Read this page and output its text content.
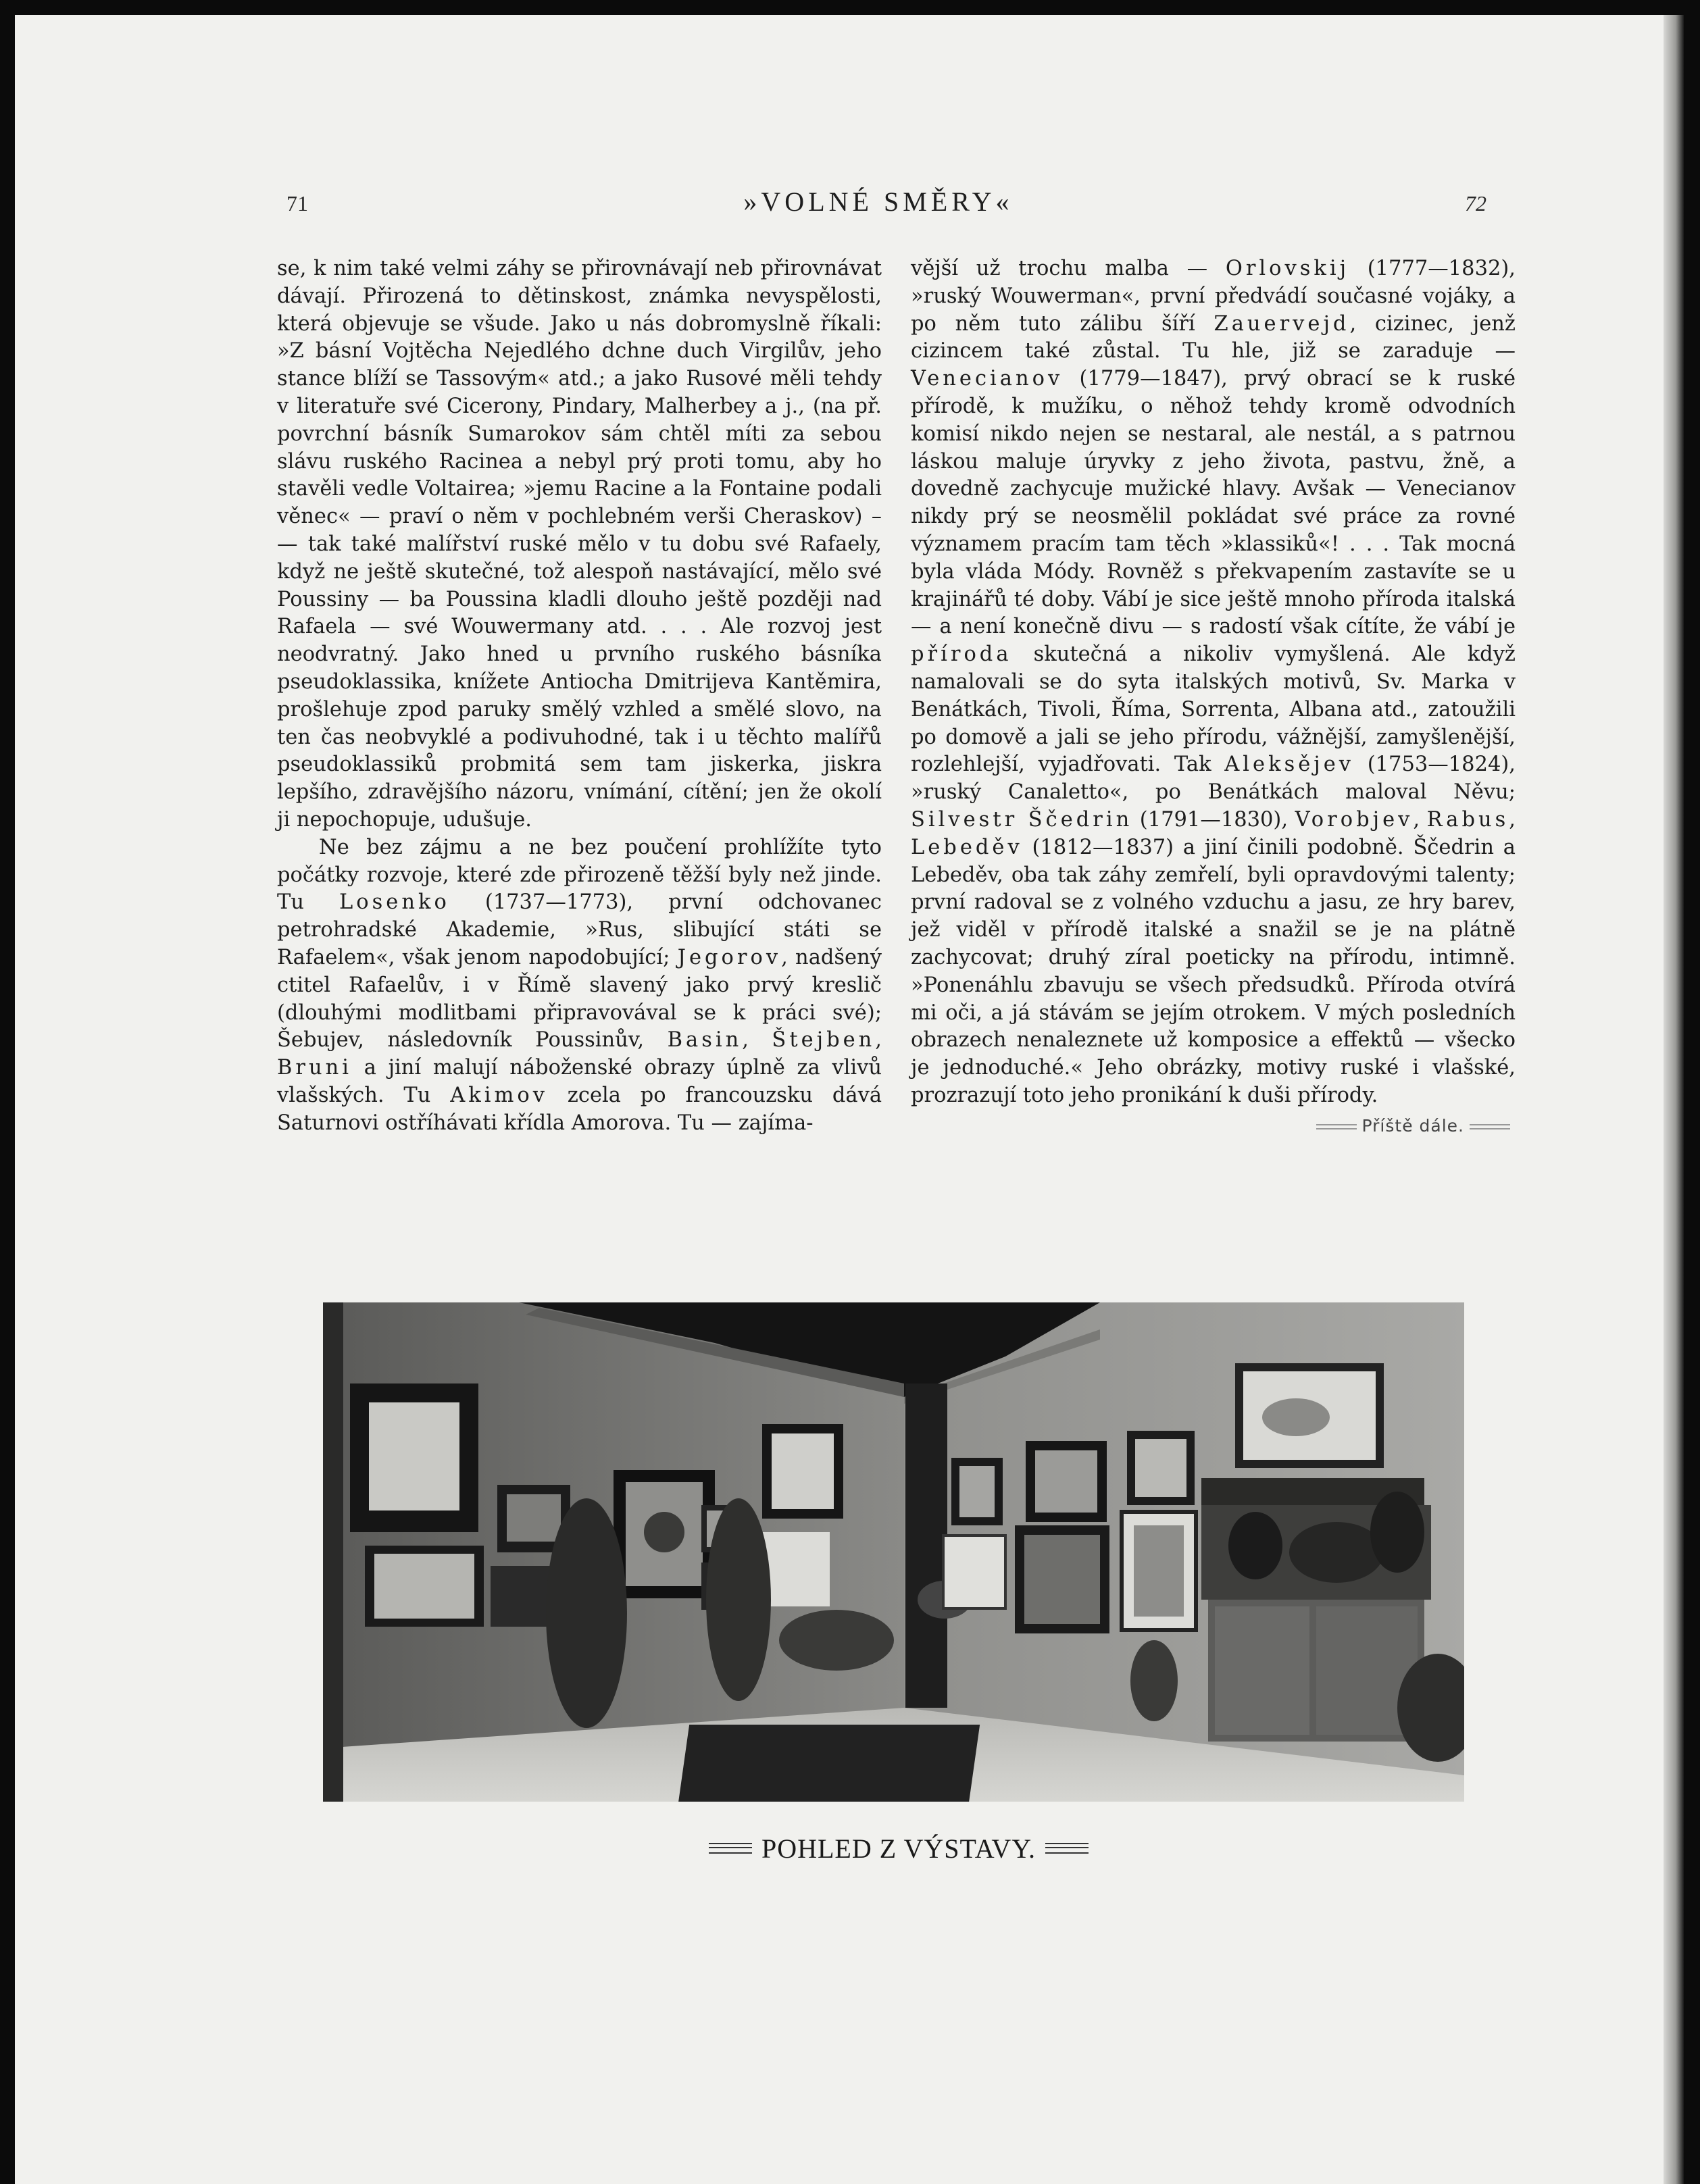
71	»VOLNÉ SMĚRY«	72

se, k nim také velmi záhy se přirovnávají neb přirovnávat dávají. Přirozená to dětinskost, známka nevyspělosti, která objevuje se všude. Jako u nás dobromyslně říkali: »Z básní Vojtěcha Nejedlého dchne duch Virgilův, jeho stance blíží se Tassovým« atd.; a jako Rusové měli tehdy v literatuře své Cicerony, Pindary, Malherbey a j., (na př. povrchní básník Sumarokov sám chtěl míti za sebou slávu ruského Racinea a nebyl prý proti tomu, aby ho stavěli vedle Voltairea; »jemu Racine a la Fontaine podali věnec« — praví o něm v pochlebném verši Cheraskov) – — tak také malířství ruské mělo v tu dobu své Rafaely, když ne ještě skutečné, tož alespoň nastávající, mělo své Poussiny — ba Poussina kladli dlouho ještě později nad Rafaela — své Wouwermany atd. . . . Ale rozvoj jest neodvratný. Jako hned u prvního ruského básníka pseudoklassika, knížete Antiocha Dmitrijeva Kantěmira, prošlehuje zpod paruky smělý vzhled a smělé slovo, na ten čas neobvyklé a podivuhodné, tak i u těchto malířů pseudoklassiků probmitá sem tam jiskerka, jiskra lepšího, zdravějšího názoru, vnímání, cítění; jen že okolí ji nepochopuje, udušuje.

Ne bez zájmu a ne bez poučení prohlížíte tyto počátky rozvoje, které zde přirozeně těžší byly než jinde. Tu Losenko (1737—1773), první odchovanec petrohradské Akademie, »Rus, slibující státi se Rafaelem«, však jenom napodobující; Jegorov, nadšený ctitel Rafaelův, i v Římě slavený jako prvý kreslič (dlouhými modlitbami připravovával se k práci své); Šebujev, následovník Poussinův, Basin, Štejben, Bruni a jiní malují náboženské obrazy úplně za vlivů vlašských. Tu Akimov zcela po francouzsku dává Saturnovi ostříhávati křídla Amorova. Tu — zajíma-

vější už trochu malba — Orlovskij (1777—1832), »ruský Wouwerman«, první předvádí současné vojáky, a po něm tuto zálibu šíří Zauervejd, cizinec, jenž cizincem také zůstal. Tu hle, již se zaraduje — Venecianov (1779—1847), prvý obrací se k ruské přírodě, k mužíku, o něhož tehdy kromě odvodních komisí nikdo nejen se nestaral, ale nestál, a s patrnou láskou maluje úryvky z jeho života, pastvu, žně, a dovedně zachycuje mužické hlavy. Avšak — Venecianov nikdy prý se neosmělil pokládat své práce za rovné významem pracím tam těch »klassiků«! . . . Tak mocná byla vláda Módy. Rovněž s překvapením zastavíte se u krajinářů té doby. Vábí je sice ještě mnoho příroda italská — a není konečně divu — s radostí však cítíte, že vábí je příroda skutečná a nikoliv vymyšlená. Ale když namalovali se do syta italských motivů, Sv. Marka v Benátkách, Tivoli, Říma, Sorrenta, Albana atd., zatoužili po domově a jali se jeho přírodu, vážnější, zamyšlenější, rozlehlejší, vyjadřovati. Tak Aleksějev (1753—1824), »ruský Canaletto«, po Benátkách maloval Něvu; Silvestr Ščedrin (1791—1830), Vorobjev, Rabus, Lebeděv (1812—1837) a jiní činili podobně. Ščedrin a Lebeděv, oba tak záhy zemřelí, byli opravdovými talenty; první radoval se z volného vzduchu a jasu, ze hry barev, jež viděl v přírodě italské a snažil se je na plátně zachycovat; druhý zíral poeticky na přírodu, intimně. »Ponenáhlu zbavuju se všech předsudků. Příroda otvírá mi oči, a já stávám se jejím otrokem. V mých posledních obrazech nenaleznete už komposice a effektů — všecko je jednoduché.« Jeho obrázky, motivy ruské i vlašské, prozrazují toto jeho pronikání k duši přírody.
Příště dále.

POHLED Z VÝSTAVY.
